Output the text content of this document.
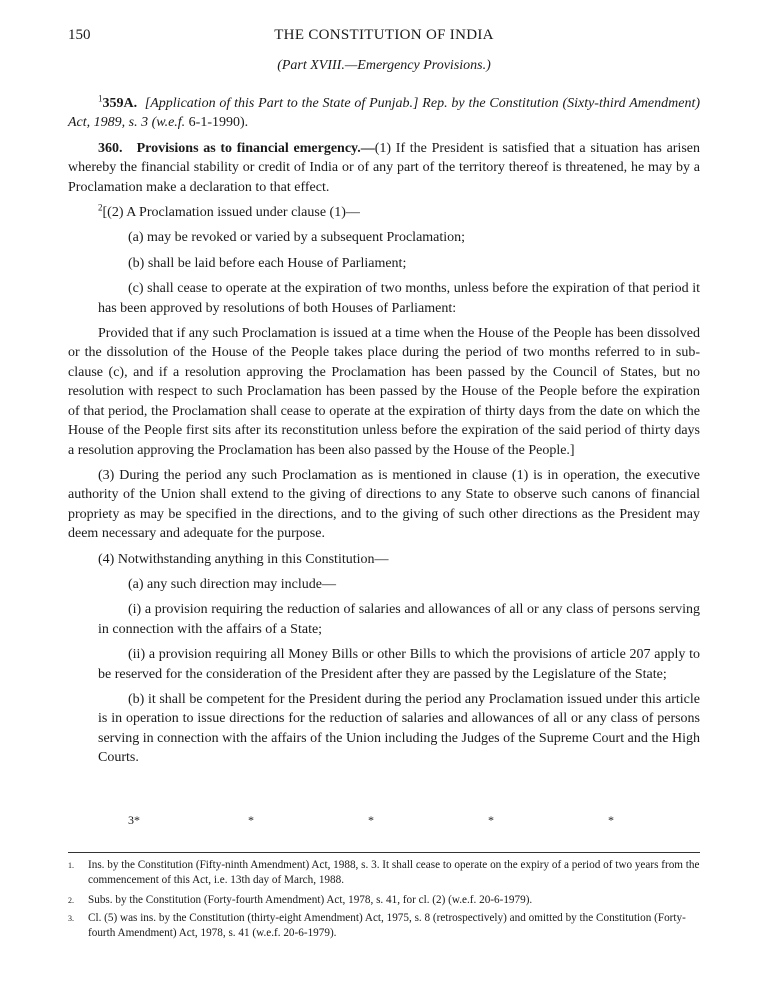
150	THE CONSTITUTION OF INDIA
(Part XVIII.—Emergency Provisions.)

$^1$359A. [Application of this Part to the State of Punjab.] Rep. by the Constitution (Sixty-third Amendment) Act, 1989, s. 3 (w.e.f. 6-1-1990).

360. Provisions as to financial emergency.—(1) If the President is satisfied that a situation has arisen whereby the financial stability or credit of India or of any part of the territory thereof is threatened, he may by a Proclamation make a declaration to that effect.

$^2$[(2) A Proclamation issued under clause (1)—

(a) may be revoked or varied by a subsequent Proclamation;

(b) shall be laid before each House of Parliament;

(c) shall cease to operate at the expiration of two months, unless before the expiration of that period it has been approved by resolutions of both Houses of Parliament:

Provided that if any such Proclamation is issued at a time when the House of the People has been dissolved or the dissolution of the House of the People takes place during the period of two months referred to in sub-clause (c), and if a resolution approving the Proclamation has been passed by the Council of States, but no resolution with respect to such Proclamation has been passed by the House of the People before the expiration of that period, the Proclamation shall cease to operate at the expiration of thirty days from the date on which the House of the People first sits after its reconstitution unless before the expiration of the said period of thirty days a resolution approving the Proclamation has been also passed by the House of the People.]

(3) During the period any such Proclamation as is mentioned in clause (1) is in operation, the executive authority of the Union shall extend to the giving of directions to any State to observe such canons of financial propriety as may be specified in the directions, and to the giving of such other directions as the President may deem necessary and adequate for the purpose.

(4) Notwithstanding anything in this Constitution—

(a) any such direction may include—

(i) a provision requiring the reduction of salaries and allowances of all or any class of persons serving in connection with the affairs of a State;

(ii) a provision requiring all Money Bills or other Bills to which the provisions of article 207 apply to be reserved for the consideration of the President after they are passed by the Legislature of the State;

(b) it shall be competent for the President during the period any Proclamation issued under this article is in operation to issue directions for the reduction of salaries and allowances of all or any class of persons serving in connection with the affairs of the Union including the Judges of the Supreme Court and the High Courts.

3*	*	*	*	*
1.	Ins. by the Constitution (Fifty-ninth Amendment) Act, 1988, s. 3. It shall cease to operate on the expiry of a period of two years from the commencement of this Act, i.e. 13th day of March, 1988.
2.	Subs. by the Constitution (Forty-fourth Amendment) Act, 1978, s. 41, for cl. (2) (w.e.f. 20-6-1979).
3.	Cl. (5) was ins. by the Constitution (thirty-eight Amendment) Act, 1975, s. 8 (retrospectively) and omitted by the Constitution (Forty-fourth Amendment) Act, 1978, s. 41 (w.e.f. 20-6-1979).
